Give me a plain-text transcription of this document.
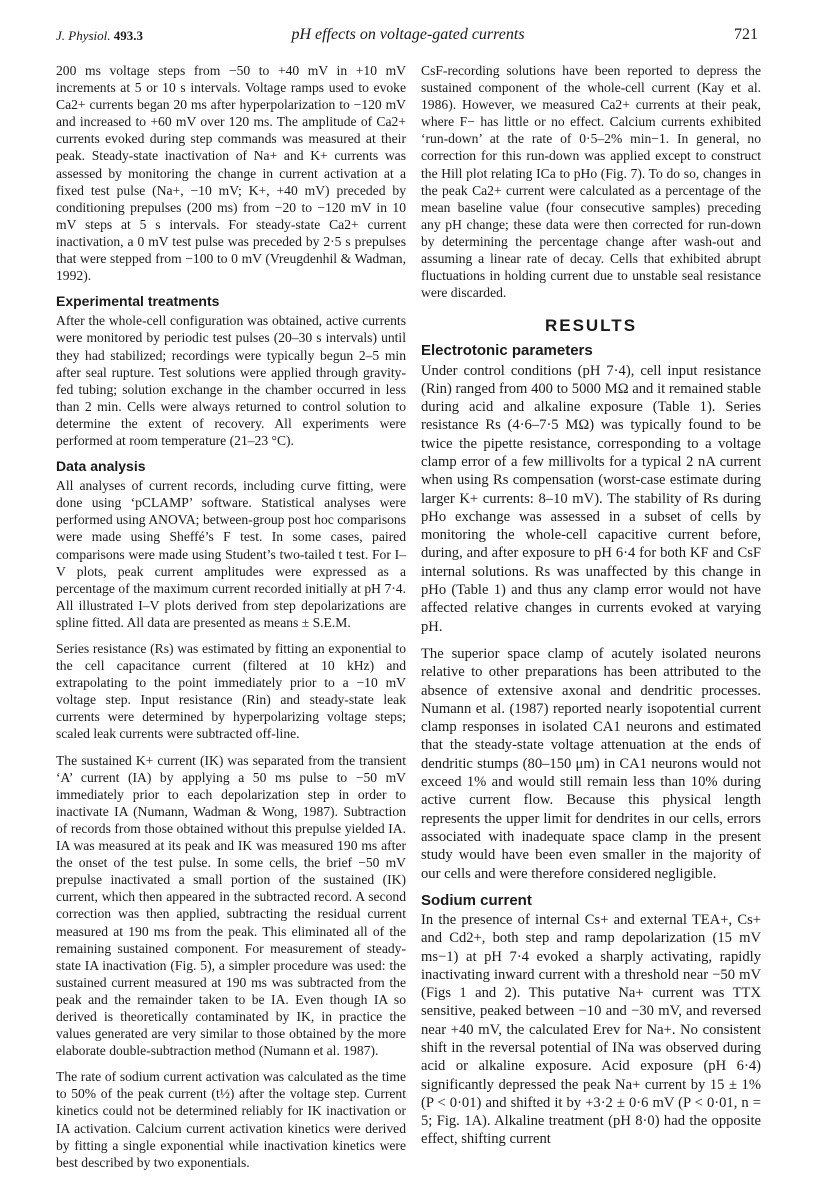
J. Physiol. 493.3	pH effects on voltage-gated currents	721

200 ms voltage steps from −50 to +40 mV in +10 mV increments at 5 or 10 s intervals. Voltage ramps used to evoke Ca2+ currents began 20 ms after hyperpolarization to −120 mV and increased to +60 mV over 120 ms. The amplitude of Ca2+ currents evoked during step commands was measured at their peak. Steady-state inactivation of Na+ and K+ currents was assessed by monitoring the change in current activation at a fixed test pulse (Na+, −10 mV; K+, +40 mV) preceded by conditioning prepulses (200 ms) from −20 to −120 mV in 10 mV steps at 5 s intervals. For steady-state Ca2+ current inactivation, a 0 mV test pulse was preceded by 2·5 s prepulses that were stepped from −100 to 0 mV (Vreugdenhil & Wadman, 1992).

Experimental treatments

After the whole-cell configuration was obtained, active currents were monitored by periodic test pulses (20–30 s intervals) until they had stabilized; recordings were typically begun 2–5 min after seal rupture. Test solutions were applied through gravity-fed tubing; solution exchange in the chamber occurred in less than 2 min. Cells were always returned to control solution to determine the extent of recovery. All experiments were performed at room temperature (21–23 °C).

Data analysis

All analyses of current records, including curve fitting, were done using ‘pCLAMP’ software. Statistical analyses were performed using ANOVA; between-group post hoc comparisons were made using Sheffé’s F test. In some cases, paired comparisons were made using Student’s two-tailed t test. For I–V plots, peak current amplitudes were expressed as a percentage of the maximum current recorded initially at pH 7·4. All illustrated I–V plots derived from step depolarizations are spline fitted. All data are presented as means ± S.E.M.

Series resistance (Rs) was estimated by fitting an exponential to the cell capacitance current (filtered at 10 kHz) and extrapolating to the point immediately prior to a −10 mV voltage step. Input resistance (Rin) and steady-state leak currents were determined by hyperpolarizing voltage steps; scaled leak currents were subtracted off-line.

The sustained K+ current (IK) was separated from the transient ‘A’ current (IA) by applying a 50 ms pulse to −50 mV immediately prior to each depolarization step in order to inactivate IA (Numann, Wadman & Wong, 1987). Subtraction of records from those obtained without this prepulse yielded IA. IA was measured at its peak and IK was measured 190 ms after the onset of the test pulse. In some cells, the brief −50 mV prepulse inactivated a small portion of the sustained (IK) current, which then appeared in the subtracted record. A second correction was then applied, subtracting the residual current measured at 190 ms from the peak. This eliminated all of the remaining sustained component. For measurement of steady-state IA inactivation (Fig. 5), a simpler procedure was used: the sustained current measured at 190 ms was subtracted from the peak and the remainder taken to be IA. Even though IA so derived is theoretically contaminated by IK, in practice the values generated are very similar to those obtained by the more elaborate double-subtraction method (Numann et al. 1987).

The rate of sodium current activation was calculated as the time to 50% of the peak current (t½) after the voltage step. Current kinetics could not be determined reliably for IK inactivation or IA activation. Calcium current activation kinetics were derived by fitting a single exponential while inactivation kinetics were best described by two exponentials.

CsF-recording solutions have been reported to depress the sustained component of the whole-cell current (Kay et al. 1986). However, we measured Ca2+ currents at their peak, where F− has little or no effect. Calcium currents exhibited ‘run-down’ at the rate of 0·5–2% min−1. In general, no correction for this run-down was applied except to construct the Hill plot relating ICa to pHo (Fig. 7). To do so, changes in the peak Ca2+ current were calculated as a percentage of the mean baseline value (four consecutive samples) preceding any pH change; these data were then corrected for run-down by determining the percentage change after wash-out and assuming a linear rate of decay. Cells that exhibited abrupt fluctuations in holding current due to unstable seal resistance were discarded.

RESULTS
Electrotonic parameters

Under control conditions (pH 7·4), cell input resistance (Rin) ranged from 400 to 5000 MΩ and it remained stable during acid and alkaline exposure (Table 1). Series resistance Rs (4·6–7·5 MΩ) was typically found to be twice the pipette resistance, corresponding to a voltage clamp error of a few millivolts for a typical 2 nA current when using Rs compensation (worst-case estimate during larger K+ currents: 8–10 mV). The stability of Rs during pHo exchange was assessed in a subset of cells by monitoring the whole-cell capacitive current before, during, and after exposure to pH 6·4 for both KF and CsF internal solutions. Rs was unaffected by this change in pHo (Table 1) and thus any clamp error would not have affected relative changes in currents evoked at varying pH.

The superior space clamp of acutely isolated neurons relative to other preparations has been attributed to the absence of extensive axonal and dendritic processes. Numann et al. (1987) reported nearly isopotential current clamp responses in isolated CA1 neurons and estimated that the steady-state voltage attenuation at the ends of dendritic stumps (80–150 μm) in CA1 neurons would not exceed 1% and would still remain less than 10% during active current flow. Because this physical length represents the upper limit for dendrites in our cells, errors associated with inadequate space clamp in the present study would have been even smaller in the majority of our cells and were therefore considered negligible.

Sodium current

In the presence of internal Cs+ and external TEA+, Cs+ and Cd2+, both step and ramp depolarization (15 mV ms−1) at pH 7·4 evoked a sharply activating, rapidly inactivating inward current with a threshold near −50 mV (Figs 1 and 2). This putative Na+ current was TTX sensitive, peaked between −10 and −30 mV, and reversed near +40 mV, the calculated Erev for Na+. No consistent shift in the reversal potential of INa was observed during acid or alkaline exposure. Acid exposure (pH 6·4) significantly depressed the peak Na+ current by 15 ± 1% (P < 0·01) and shifted it by +3·2 ± 0·6 mV (P < 0·01, n = 5; Fig. 1A). Alkaline treatment (pH 8·0) had the opposite effect, shifting current
